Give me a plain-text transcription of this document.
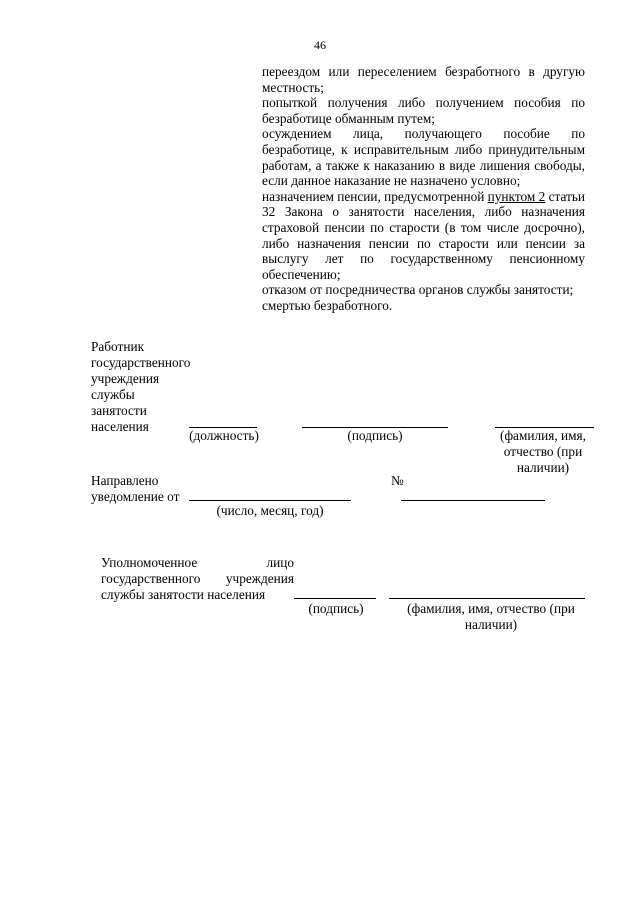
46
переездом или переселением безработного в другую местность;
попыткой получения либо получением пособия по безработице обманным путем;
осуждением лица, получающего пособие по безработице, к исправительным либо принудительным работам, а также к наказанию в виде лишения свободы, если данное наказание не назначено условно;
назначением пенсии, предусмотренной пунктом 2 статьи 32 Закона о занятости населения, либо назначения страховой пенсии по старости (в том числе досрочно), либо назначения пенсии по старости или пенсии за выслугу лет по государственному пенсионному обеспечению;
отказом от посредничества органов службы занятости;
смертью безработного.
Работник
государственного
учреждения
службы
занятости
населения
(должность)	(подпись)	(фамилия, имя,
отчество (при
наличии)
Направлено
уведомление от
№
(число, месяц, год)
Уполномоченное	лицо
государственного учреждения
службы занятости населения
(подпись)	(фамилия, имя, отчество (при
наличии)
